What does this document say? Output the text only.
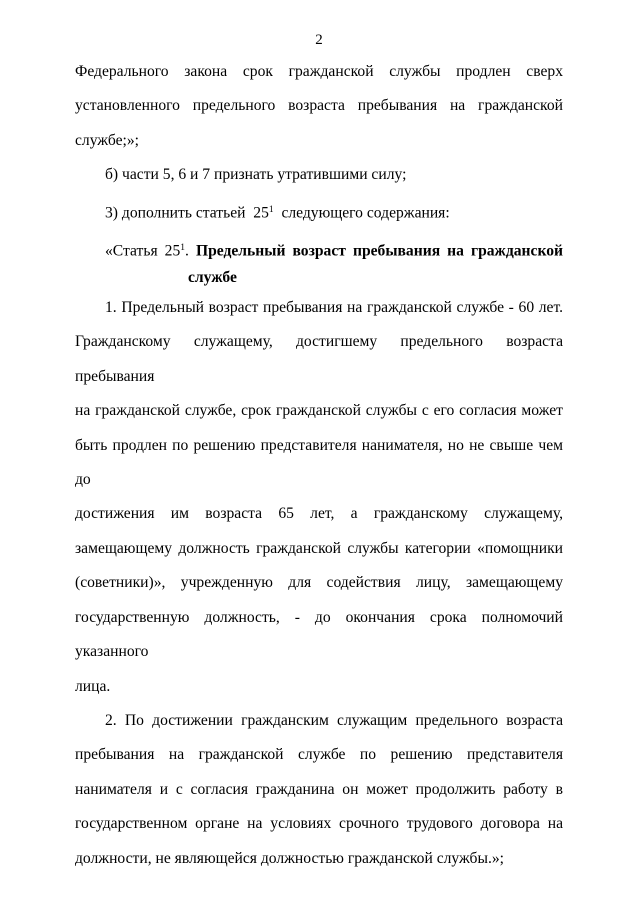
2

Федерального закона срок гражданской службы продлен сверх
установленного предельного возраста пребывания на гражданской
службе;»;

б) части 5, 6 и 7 признать утратившими силу;

3) дополнить статьей  $25^1$  следующего содержания:

«Статья $25^1$. Предельный возраст пребывания на гражданской
службе

1. Предельный возраст пребывания на гражданской службе - 60 лет.
Гражданскому служащему, достигшему предельного возраста пребывания
на гражданской службе, срок гражданской службы с его согласия может
быть продлен по решению представителя нанимателя, но не свыше чем до
достижения им возраста 65 лет, а гражданскому служащему,
замещающему должность гражданской службы категории «помощники
(советники)», учрежденную для содействия лицу, замещающему
государственную должность, - до окончания срока полномочий указанного
лица.

2. По достижении гражданским служащим предельного возраста
пребывания на гражданской службе по решению представителя
нанимателя и с согласия гражданина он может продолжить работу в
государственном органе на условиях срочного трудового договора на
должности, не являющейся должностью гражданской службы.»;
